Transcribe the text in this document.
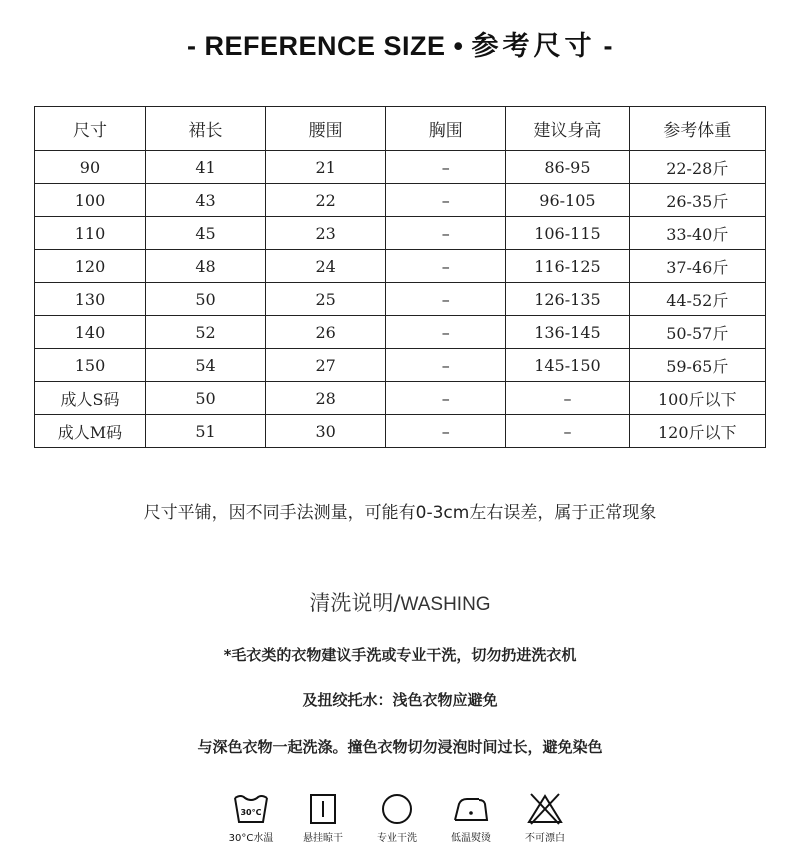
- REFERENCE SIZE • 参考尺寸 -
尺寸	裙长	腰围	胸围	建议身高	参考体重
90	41	21	–	86-95	22-28斤
100	43	22	–	96-105	26-35斤
110	45	23	–	106-115	33-40斤
120	48	24	–	116-125	37-46斤
130	50	25	–	126-135	44-52斤
140	52	26	–	136-145	50-57斤
150	54	27	–	145-150	59-65斤
成人S码	50	28	–	–	100斤以下
成人M码	51	30	–	–	120斤以下
尺寸平铺，因不同手法测量，可能有0-3cm左右误差，属于正常现象
清洗说明/WASHING
*毛衣类的衣物建议手洗或专业干洗，切勿扔进洗衣机
及扭绞托水：浅色衣物应避免
与深色衣物一起洗涤。撞色衣物切勿浸泡时间过长，避免染色
30°C
30°C水温	悬挂晾干	专业干洗	低温熨烫	不可漂白
